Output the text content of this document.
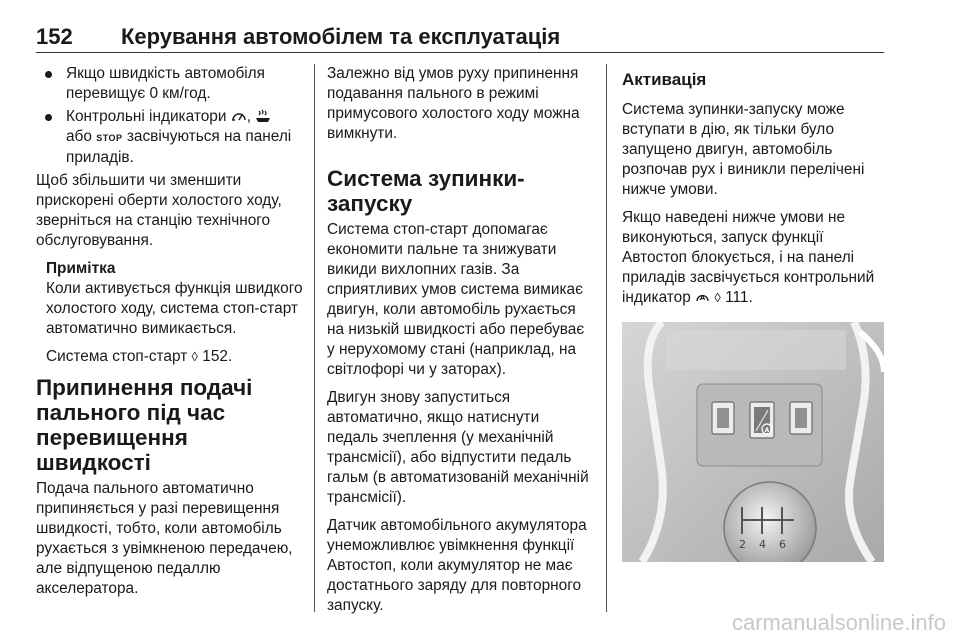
152 Керування автомобілем та експлуатація
Якщо швидкість автомобіля перевищує 0 км/год.
Контрольні індикатори ,
або STOP засвічуються на панелі приладів.

Щоб збільшити чи зменшити прискорені оберти холостого ходу, зверніться на станцію технічного обслуговування.

Примітка

Коли активується функція швидкого холостого ходу, система стоп-старт автоматично вимикається.

Система стоп-старт ◊ 152.

Припинення подачі пального під час перевищення швидкості

Подача пального автоматично припиняється у разі перевищення швидкості, тобто, коли автомобіль рухається з увімкненою передачею, але відпущеною педаллю акселератора.

Залежно від умов руху припинення подавання пального в режимі примусового холостого ходу можна вимкнути.

Система зупинки-запуску

Система стоп-старт допомагає економити пальне та знижувати викиди вихлопних газів. За сприятливих умов система вимикає двигун, коли автомобіль рухається на низькій швидкості або перебуває у нерухомому стані (наприклад, на світлофорі чи у заторах).

Двигун знову запуститься автоматично, якщо натиснути педаль зчеплення (у механічній трансмісії), або відпустити педаль гальм (в автоматизованій механічній трансмісії).

Датчик автомобільного акумулятора унеможливлює увімкнення функції Автостоп, коли акумулятор не має достатнього заряду для повторного запуску.

Активація

Система зупинки-запуску може вступати в дію, як тільки було запущено двигун, автомобіль розпочав рух і виникли перелічені нижче умови.

Якщо наведені нижче умови не виконуються, запуск функції Автостоп блокується, і на панелі приладів засвічується контрольний індикатор A ◊ 111.

A
2 4 6
carmanualsonline.info
